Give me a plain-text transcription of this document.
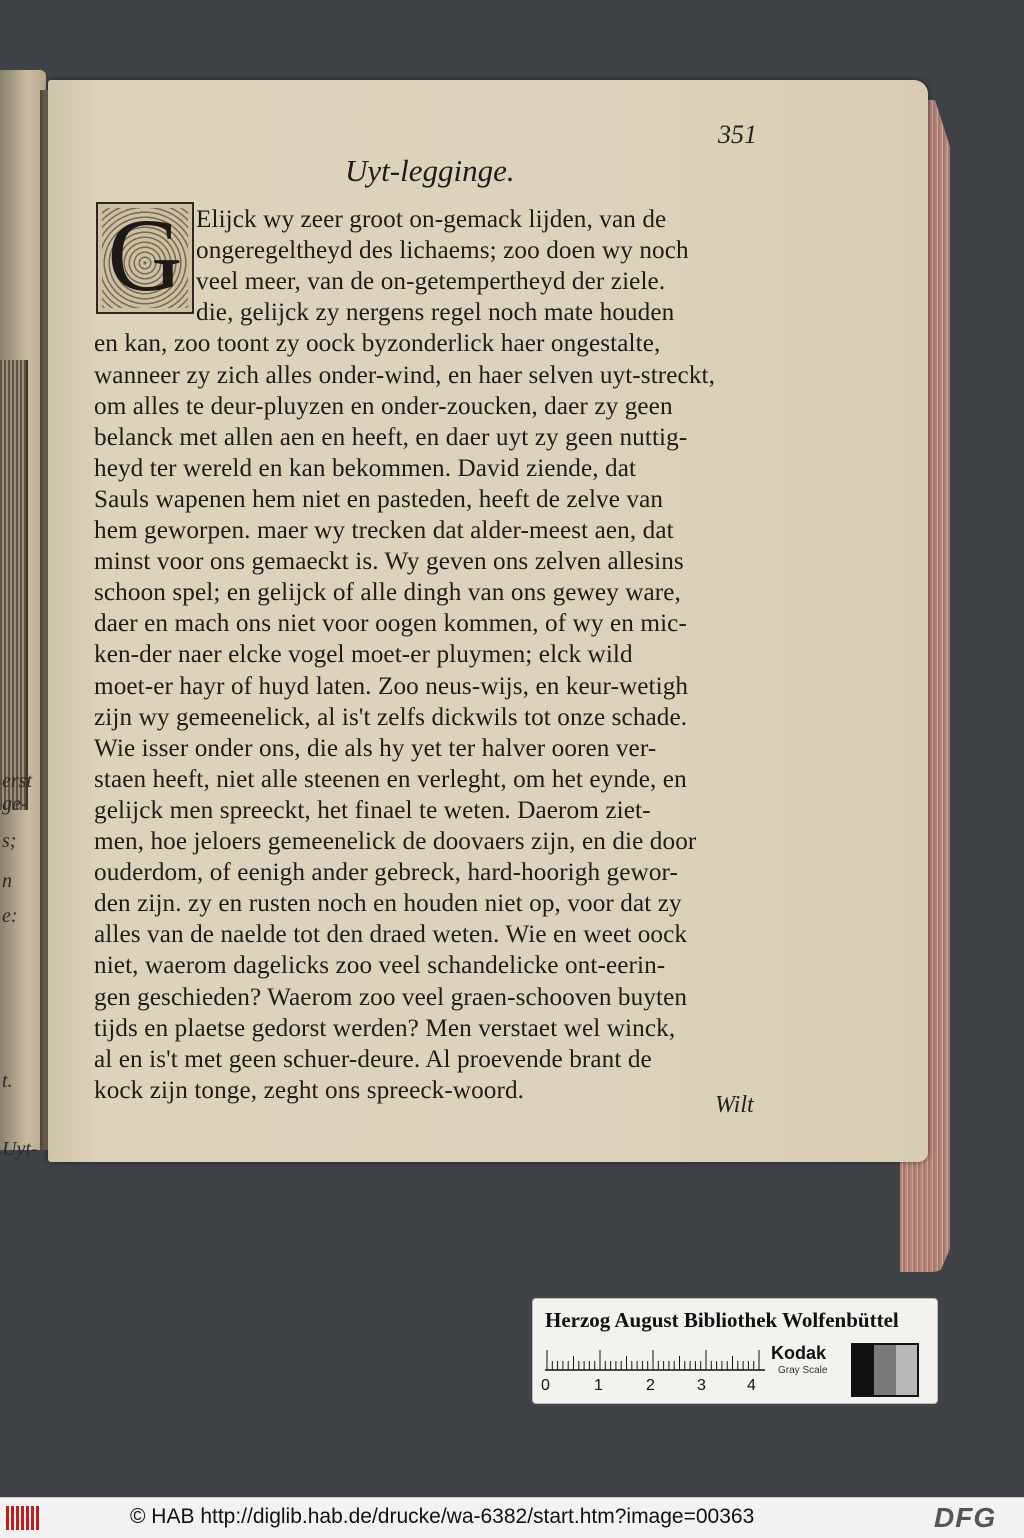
erst ge-
s;
n
e:
t.
Uyt-
351
Uyt-legginge.
G Elijck wy zeer groot on-gemack lijden, van de
ongeregeltheyd des lichaems; zoo doen wy noch
veel meer, van de on-getempertheyd der ziele.
die, gelijck zy nergens regel noch mate houden
en kan, zoo toont zy oock byzonderlick haer ongestalte,
wanneer zy zich alles onder-wind, en haer selven uyt-streckt,
om alles te deur-pluyzen en onder-zoucken, daer zy geen
belanck met allen aen en heeft, en daer uyt zy geen nuttig-
heyd ter wereld en kan bekommen. David ziende, dat
Sauls wapenen hem niet en pasteden, heeft de zelve van
hem geworpen. maer wy trecken dat alder-meest aen, dat
minst voor ons gemaeckt is. Wy geven ons zelven allesins
schoon spel; en gelijck of alle dingh van ons gewey ware,
daer en mach ons niet voor oogen kommen, of wy en mic-
ken-der naer elcke vogel moet-er pluymen; elck wild
moet-er hayr of huyd laten. Zoo neus-wijs, en keur-wetigh
zijn wy gemeenelick, al is't zelfs dickwils tot onze schade.
Wie isser onder ons, die als hy yet ter halver ooren ver-
staen heeft, niet alle steenen en verleght, om het eynde, en
gelijck men spreeckt, het finael te weten. Daerom ziet-
men, hoe jeloers gemeenelick de doovaers zijn, en die door
ouderdom, of eenigh ander gebreck, hard-hoorigh gewor-
den zijn. zy en rusten noch en houden niet op, voor dat zy
alles van de naelde tot den draed weten. Wie en weet oock
niet, waerom dagelicks zoo veel schandelicke ont-eerin-
gen geschieden? Waerom zoo veel graen-schooven buyten
tijds en plaetse gedorst werden? Men verstaet wel winck,
al en is't met geen schuer-deure. Al proevende brant de
kock zijn tonge, zeght ons spreeck-woord.
Wilt
Herzog August Bibliothek Wolfenbüttel
0	1	2	3	4
Kodak
Gray Scale
© HAB http://diglib.hab.de/drucke/wa-6382/start.htm?image=00363	DFG
